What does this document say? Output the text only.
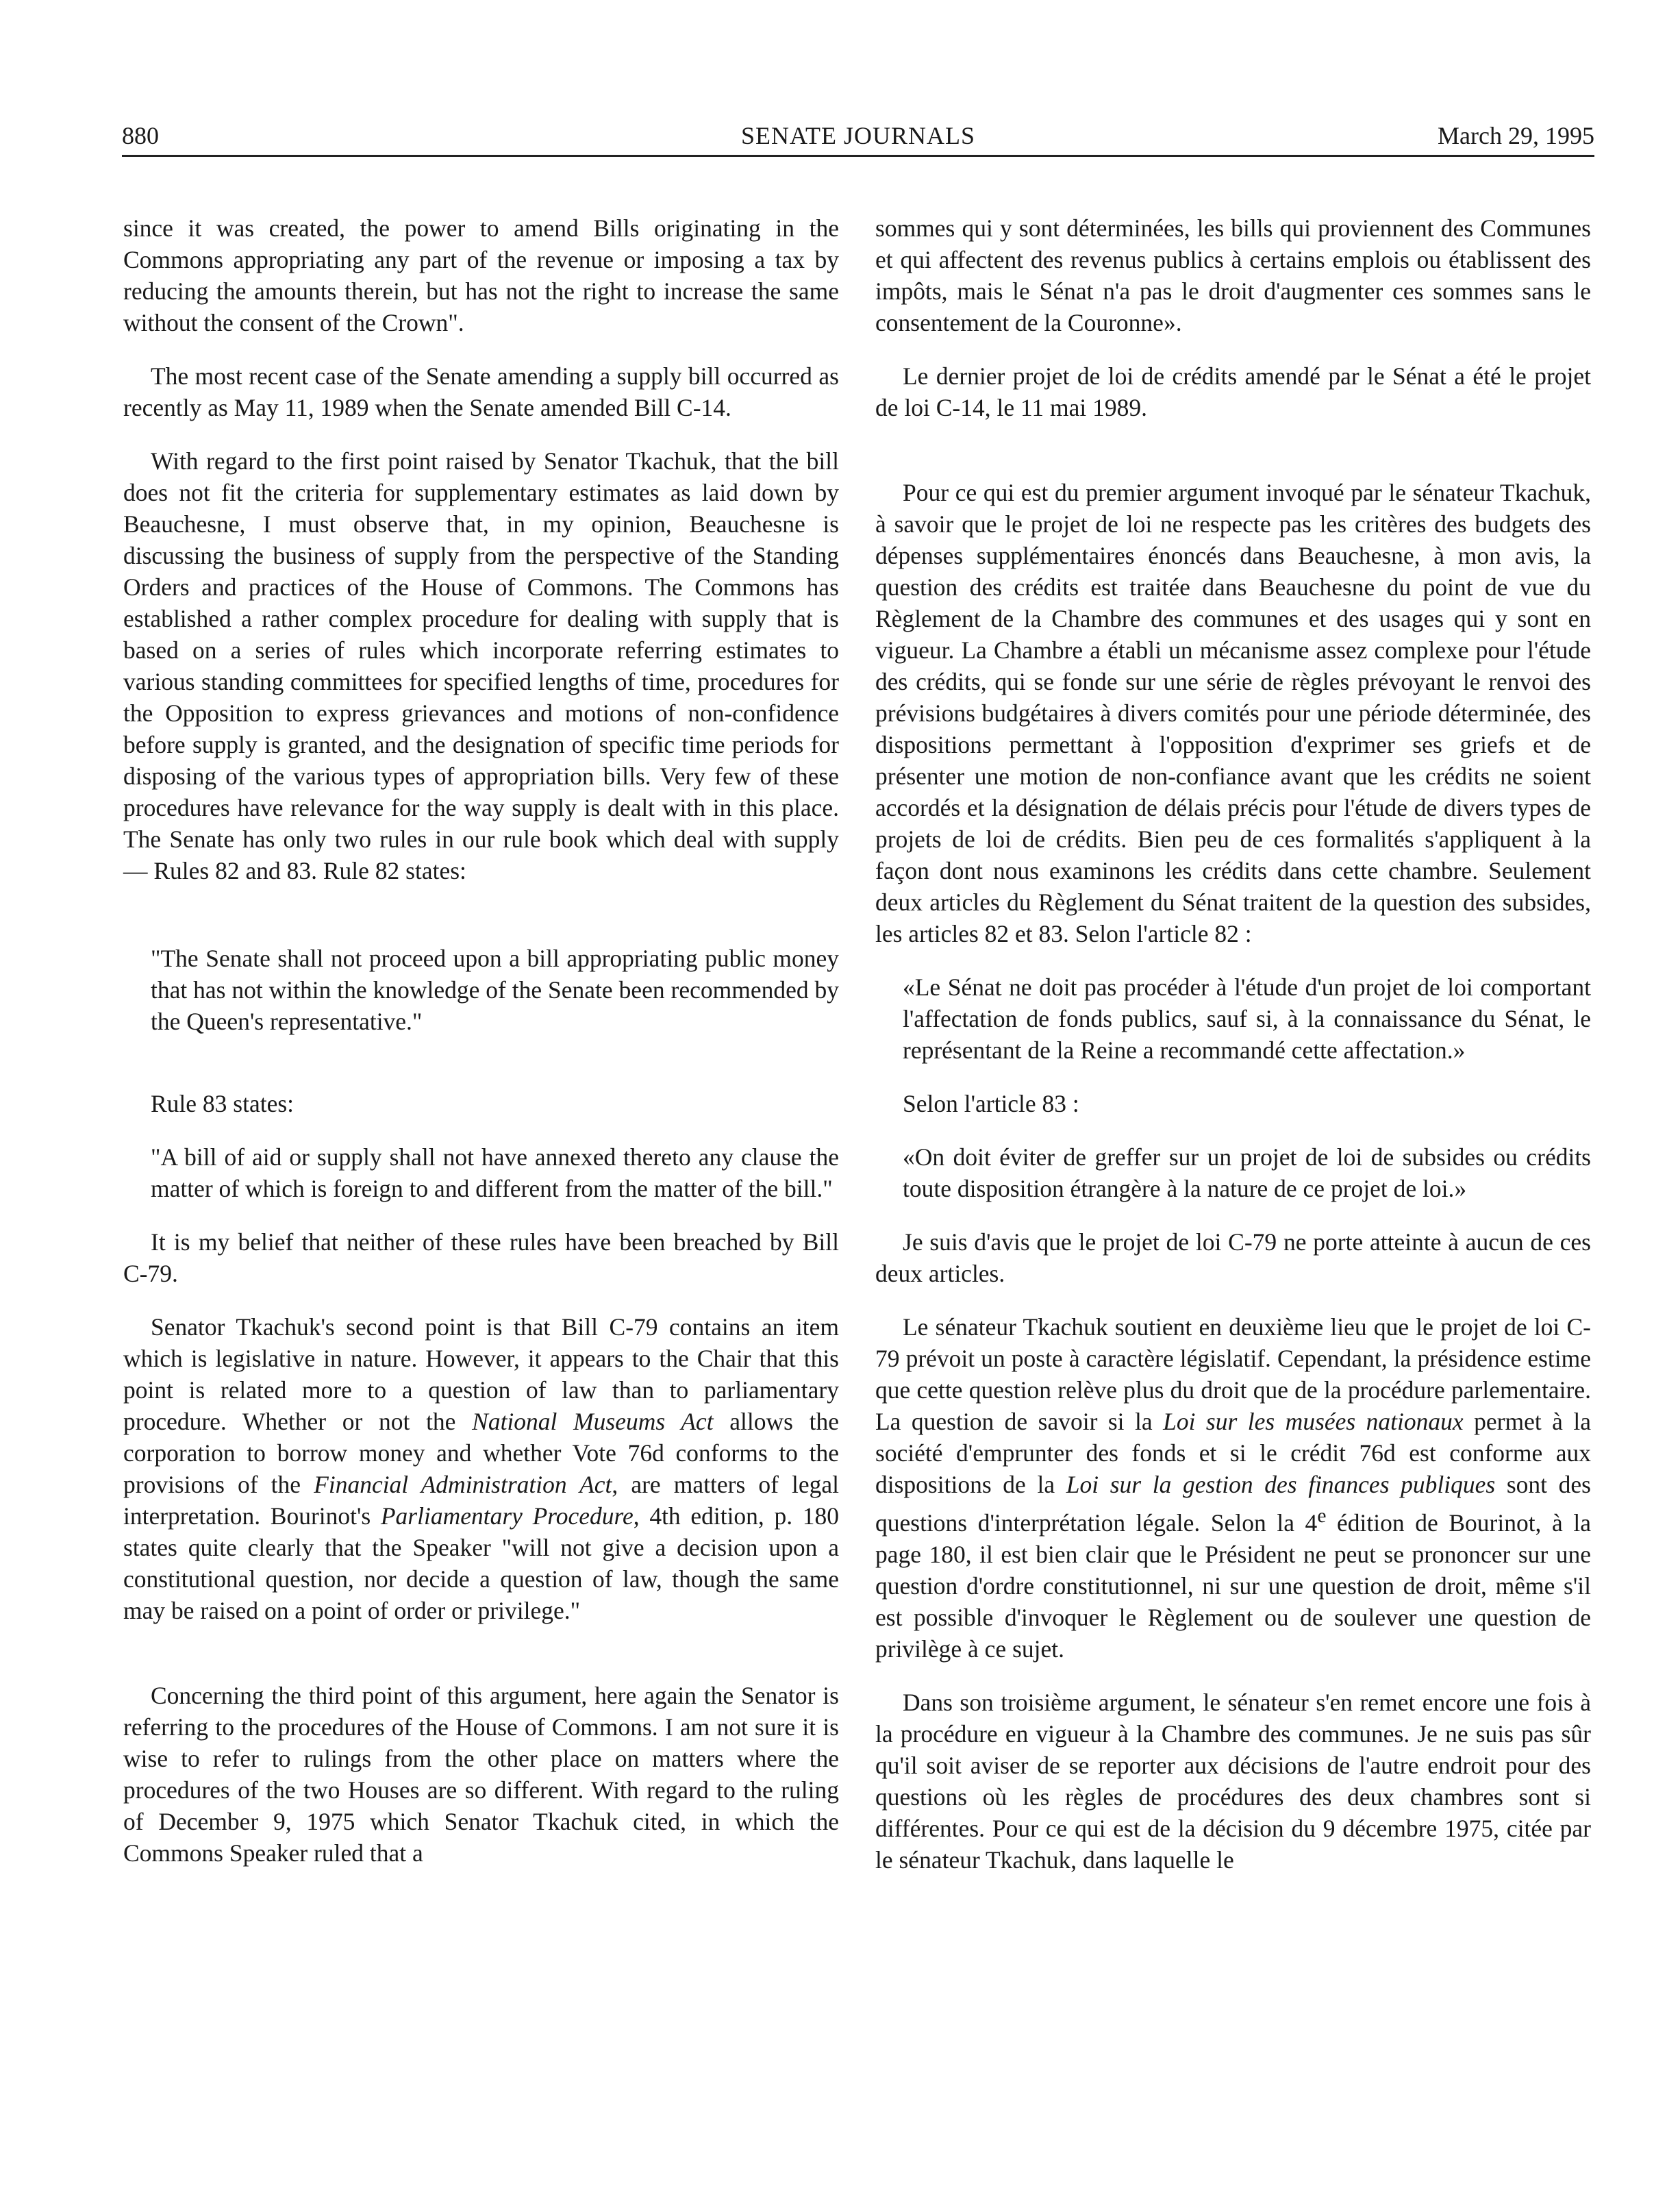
880	SENATE JOURNALS	March 29, 1995

since it was created, the power to amend Bills originating in the Commons appropriating any part of the revenue or imposing a tax by reducing the amounts therein, but has not the right to increase the same without the consent of the Crown".

The most recent case of the Senate amending a supply bill occurred as recently as May 11, 1989 when the Senate amended Bill C-14.

With regard to the first point raised by Senator Tkachuk, that the bill does not fit the criteria for supplementary estimates as laid down by Beauchesne, I must observe that, in my opinion, Beauchesne is discussing the business of supply from the perspective of the Standing Orders and practices of the House of Commons. The Commons has established a rather complex procedure for dealing with supply that is based on a series of rules which incorporate referring estimates to various standing committees for specified lengths of time, procedures for the Opposition to express grievances and motions of non-confidence before supply is granted, and the designation of specific time periods for disposing of the various types of appropriation bills. Very few of these procedures have relevance for the way supply is dealt with in this place. The Senate has only two rules in our rule book which deal with supply — Rules 82 and 83. Rule 82 states:

"The Senate shall not proceed upon a bill appropriating public money that has not within the knowledge of the Senate been recommended by the Queen's representative."

Rule 83 states:

"A bill of aid or supply shall not have annexed thereto any clause the matter of which is foreign to and different from the matter of the bill."

It is my belief that neither of these rules have been breached by Bill C-79.

Senator Tkachuk's second point is that Bill C-79 contains an item which is legislative in nature. However, it appears to the Chair that this point is related more to a question of law than to parliamentary procedure. Whether or not the National Museums Act allows the corporation to borrow money and whether Vote 76d conforms to the provisions of the Financial Administration Act, are matters of legal interpretation. Bourinot's Parliamentary Procedure, 4th edition, p. 180 states quite clearly that the Speaker "will not give a decision upon a constitutional question, nor decide a question of law, though the same may be raised on a point of order or privilege."

Concerning the third point of this argument, here again the Senator is referring to the procedures of the House of Commons. I am not sure it is wise to refer to rulings from the other place on matters where the procedures of the two Houses are so different. With regard to the ruling of December 9, 1975 which Senator Tkachuk cited, in which the Commons Speaker ruled that a

sommes qui y sont déterminées, les bills qui proviennent des Communes et qui affectent des revenus publics à certains emplois ou établissent des impôts, mais le Sénat n'a pas le droit d'augmenter ces sommes sans le consentement de la Couronne».

Le dernier projet de loi de crédits amendé par le Sénat a été le projet de loi C-14, le 11 mai 1989.

Pour ce qui est du premier argument invoqué par le sénateur Tkachuk, à savoir que le projet de loi ne respecte pas les critères des budgets des dépenses supplémentaires énoncés dans Beauchesne, à mon avis, la question des crédits est traitée dans Beauchesne du point de vue du Règlement de la Chambre des communes et des usages qui y sont en vigueur. La Chambre a établi un mécanisme assez complexe pour l'étude des crédits, qui se fonde sur une série de règles prévoyant le renvoi des prévisions budgétaires à divers comités pour une période déterminée, des dispositions permettant à l'opposition d'exprimer ses griefs et de présenter une motion de non-confiance avant que les crédits ne soient accordés et la désignation de délais précis pour l'étude de divers types de projets de loi de crédits. Bien peu de ces formalités s'appliquent à la façon dont nous examinons les crédits dans cette chambre. Seulement deux articles du Règlement du Sénat traitent de la question des subsides, les articles 82 et 83. Selon l'article 82 :

«Le Sénat ne doit pas procéder à l'étude d'un projet de loi comportant l'affectation de fonds publics, sauf si, à la connaissance du Sénat, le représentant de la Reine a recommandé cette affectation.»

Selon l'article 83 :

«On doit éviter de greffer sur un projet de loi de subsides ou crédits toute disposition étrangère à la nature de ce projet de loi.»

Je suis d'avis que le projet de loi C-79 ne porte atteinte à aucun de ces deux articles.

Le sénateur Tkachuk soutient en deuxième lieu que le projet de loi C-79 prévoit un poste à caractère législatif. Cependant, la présidence estime que cette question relève plus du droit que de la procédure parlementaire. La question de savoir si la Loi sur les musées nationaux permet à la société d'emprunter des fonds et si le crédit 76d est conforme aux dispositions de la Loi sur la gestion des finances publiques sont des questions d'interprétation légale. Selon la 4e édition de Bourinot, à la page 180, il est bien clair que le Président ne peut se prononcer sur une question d'ordre constitutionnel, ni sur une question de droit, même s'il est possible d'invoquer le Règlement ou de soulever une question de privilège à ce sujet.

Dans son troisième argument, le sénateur s'en remet encore une fois à la procédure en vigueur à la Chambre des communes. Je ne suis pas sûr qu'il soit aviser de se reporter aux décisions de l'autre endroit pour des questions où les règles de procédures des deux chambres sont si différentes. Pour ce qui est de la décision du 9 décembre 1975, citée par le sénateur Tkachuk, dans laquelle le
